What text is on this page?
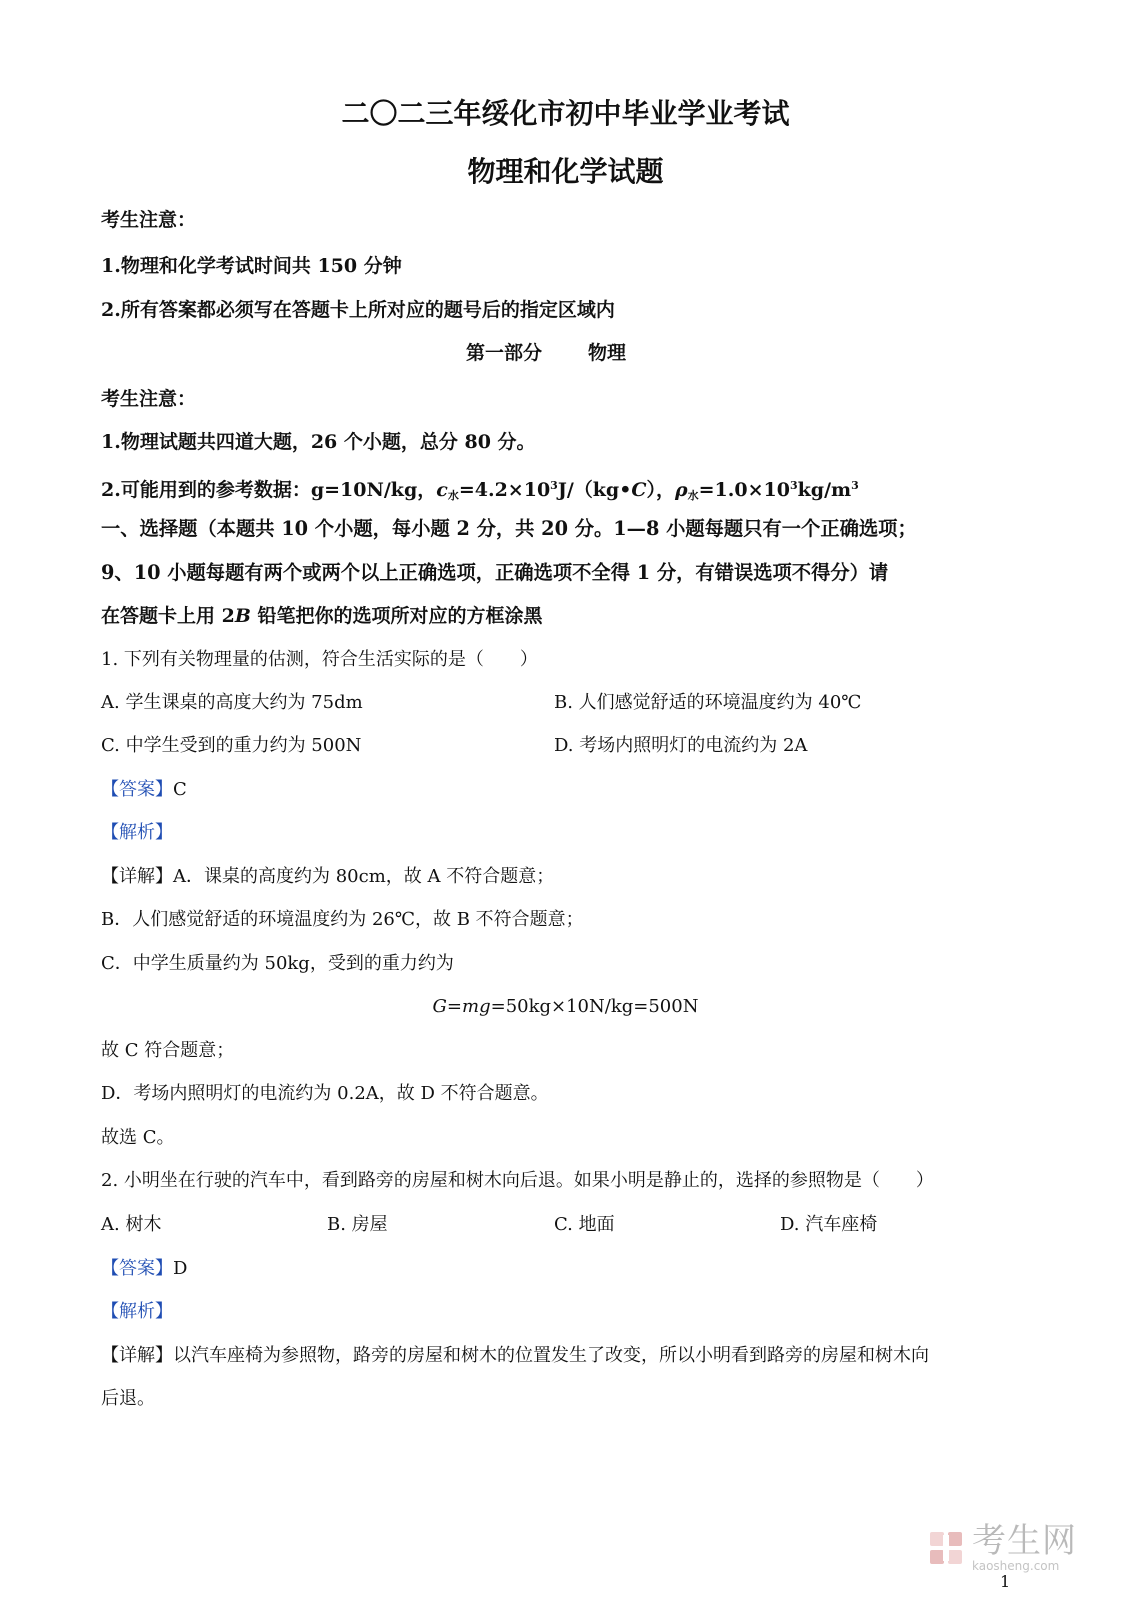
二〇二三年绥化市初中毕业学业考试
物理和化学试题
考生注意：
1.物理和化学考试时间共 150 分钟
2.所有答案都必须写在答题卡上所对应的题号后的指定区域内
第一部分 物理
考生注意：
1.物理试题共四道大题，26 个小题，总分 80 分。
2.可能用到的参考数据：g=10N/kg，$c_水=4.2\times 10^3J/(kg•C)$，$\rho_水=1.0\times 10^3kg/m^3$
一、选择题（本题共 10 个小题，每小题 2 分，共 20 分。1—8 小题每题只有一个正确选项；
9、10 小题每题有两个或两个以上正确选项，正确选项不全得 1 分，有错误选项不得分）请
在答题卡上用 2B 铅笔把你的选项所对应的方框涂黑
1. 下列有关物理量的估测，符合生活实际的是（　　）
A. 学生课桌的高度大约为 75dm	B. 人们感觉舒适的环境温度约为 40℃
C. 中学生受到的重力约为 500N	D. 考场内照明灯的电流约为 2A
【答案】C
【解析】
【详解】A．课桌的高度约为 80cm，故 A 不符合题意；
B．人们感觉舒适的环境温度约为 26℃，故 B 不符合题意；
C．中学生质量约为 50kg，受到的重力约为
G=mg=50kg×10N/kg=500N
故 C 符合题意；
D．考场内照明灯的电流约为 0.2A，故 D 不符合题意。
故选 C。
2. 小明坐在行驶的汽车中，看到路旁的房屋和树木向后退。如果小明是静止的，选择的参照物是（　　）
A. 树木	B. 房屋	C. 地面	D. 汽车座椅
【答案】D
【解析】
【详解】以汽车座椅为参照物，路旁的房屋和树木的位置发生了改变，所以小明看到路旁的房屋和树木向
后退。
考生网
kaosheng.com
1
